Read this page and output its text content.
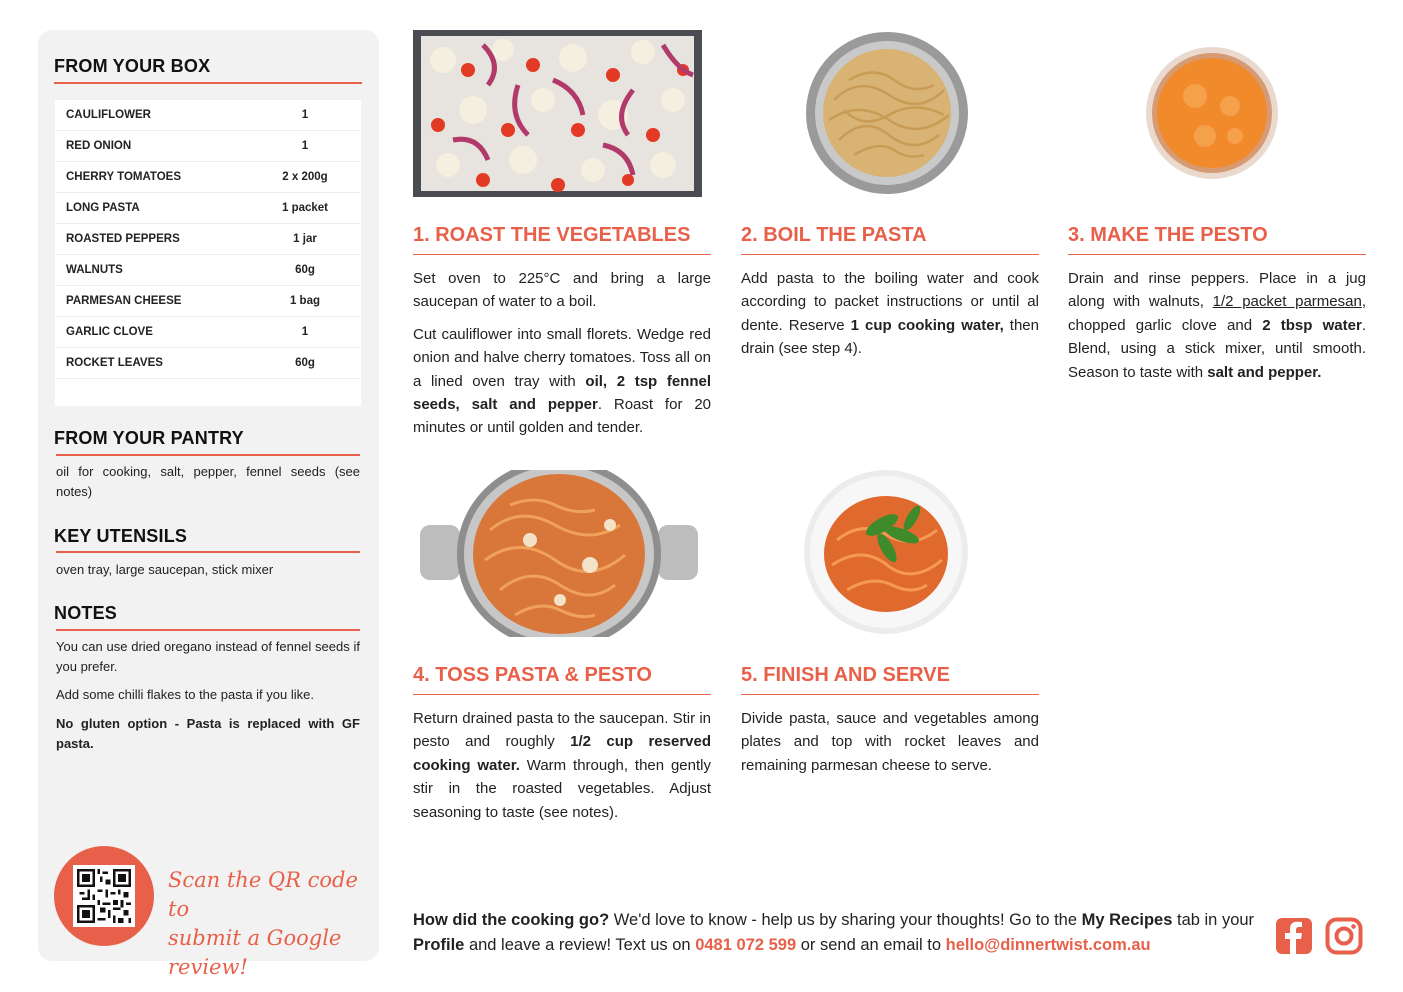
FROM YOUR BOX
CAULIFLOWER	1
RED ONION	1
CHERRY TOMATOES	2 x 200g
LONG PASTA	1 packet
ROASTED PEPPERS	1 jar
WALNUTS	60g
PARMESAN CHEESE	1 bag
GARLIC CLOVE	1
ROCKET LEAVES	60g
FROM YOUR PANTRY
oil for cooking, salt, pepper, fennel seeds (see notes)
KEY UTENSILS
oven tray, large saucepan, stick mixer
NOTES
You can use dried oregano instead of fennel seeds if you prefer.
Add some chilli flakes to the pasta if you like.
No gluten option - Pasta is replaced with GF pasta.
Scan the QR code to
submit a Google review!
1. ROAST THE VEGETABLES

Set oven to 225°C and bring a large saucepan of water to a boil.

Cut cauliflower into small florets. Wedge red onion and halve cherry tomatoes. Toss all on a lined oven tray with oil, 2 tsp fennel seeds, salt and pepper. Roast for 20 minutes or until golden and tender.

2. BOIL THE PASTA

Add pasta to the boiling water and cook according to packet instructions or until al dente. Reserve 1 cup cooking water, then drain (see step 4).

3. MAKE THE PESTO

Drain and rinse peppers. Place in a jug along with walnuts, 1/2 packet parmesan, chopped garlic clove and 2 tbsp water. Blend, using a stick mixer, until smooth. Season to taste with salt and pepper.

4. TOSS PASTA & PESTO

Return drained pasta to the saucepan. Stir in pesto and roughly 1/2 cup reserved cooking water. Warm through, then gently stir in the roasted vegetables. Adjust seasoning to taste (see notes).

5. FINISH AND SERVE

Divide pasta, sauce and vegetables among plates and top with rocket leaves and remaining parmesan cheese to serve.

How did the cooking go? We'd love to know - help us by sharing your thoughts! Go to the My Recipes tab in your Profile and leave a review! Text us on 0481 072 599 or send an email to hello@dinnertwist.com.au
